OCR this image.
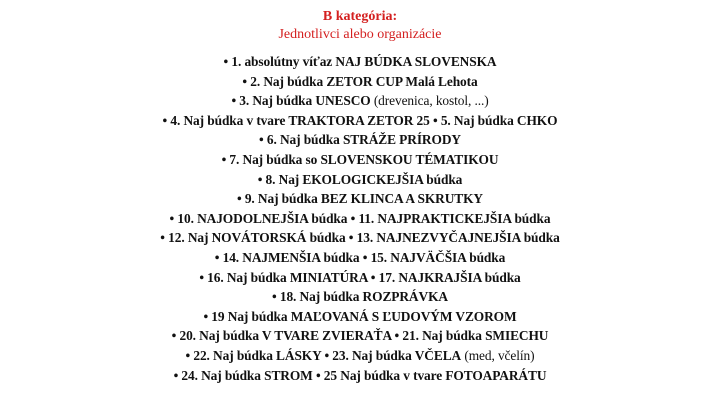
B kategória:
Jednotlivci alebo organizácie
• 1. absolútny víťaz NAJ BÚDKA SLOVENSKA
• 2. Naj búdka ZETOR CUP Malá Lehota
• 3. Naj búdka UNESCO (drevenica, kostol, ...)
• 4. Naj búdka v tvare TRAKTORA ZETOR 25 • 5. Naj búdka CHKO
• 6. Naj búdka STRÁŽE PRÍRODY
• 7. Naj búdka so SLOVENSKOU TÉMATIKOU
• 8. Naj EKOLOGICKEJŠIA búdka
• 9. Naj búdka BEZ KLINCA A SKRUTKY
• 10. NAJODOLNEJŠIA búdka • 11. NAJPRAKTICKEJŠIA búdka
• 12. Naj NOVÁTORSKÁ búdka • 13. NAJNEZVYČAJNEJŠIA búdka
• 14. NAJMENŠIA búdka • 15. NAJVÄČŠIA búdka
• 16. Naj búdka MINIATÚRA • 17. NAJKRAJŠIA búdka
• 18. Naj búdka ROZPRÁVKA
• 19 Naj búdka MAĽOVANÁ S ĽUDOVÝM VZOROM
• 20. Naj búdka V TVARE ZVIERAŤA • 21. Naj búdka SMIECHU
• 22. Naj búdka LÁSKY • 23. Naj búdka VČELA (med, včelín)
• 24. Naj búdka STROM • 25 Naj búdka v tvare FOTOAPARÁTU
